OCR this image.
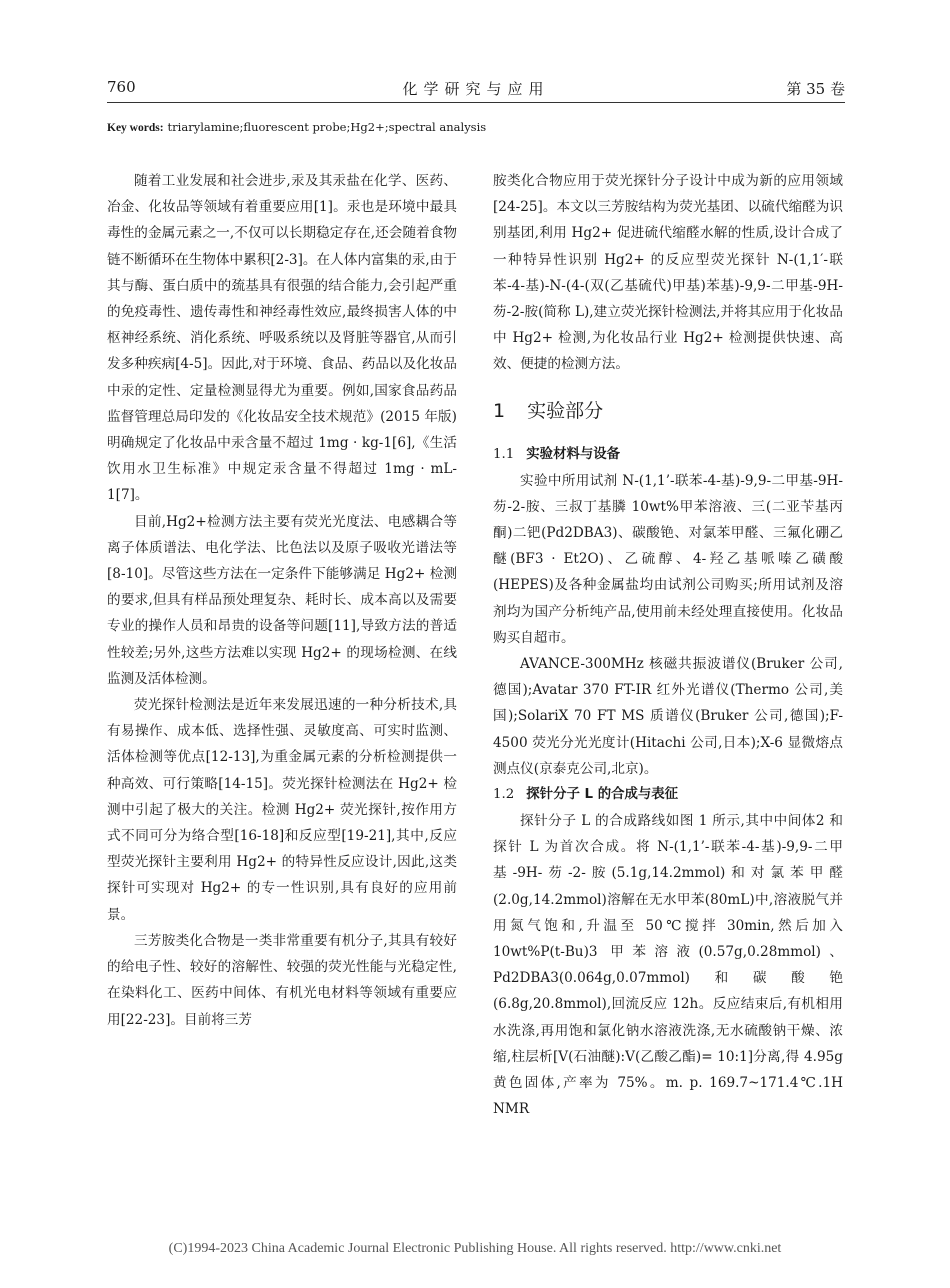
760	化学研究与应用	第 35 卷
Key words: triarylamine;fluorescent probe;Hg2+;spectral analysis

随着工业发展和社会进步,汞及其汞盐在化学、医药、冶金、化妆品等领域有着重要应用[1]。汞也是环境中最具毒性的金属元素之一,不仅可以长期稳定存在,还会随着食物链不断循环在生物体中累积[2-3]。在人体内富集的汞,由于其与酶、蛋白质中的巯基具有很强的结合能力,会引起严重的免疫毒性、遗传毒性和神经毒性效应,最终损害人体的中枢神经系统、消化系统、呼吸系统以及肾脏等器官,从而引发多种疾病[4-5]。因此,对于环境、食品、药品以及化妆品中汞的定性、定量检测显得尤为重要。例如,国家食品药品监督管理总局印发的《化妆品安全技术规范》(2015 年版)明确规定了化妆品中汞含量不超过 1mg · kg-1[6],《生活饮用水卫生标准》中规定汞含量不得超过 1mg · mL-1[7]。

目前,Hg2+检测方法主要有荧光光度法、电感耦合等离子体质谱法、电化学法、比色法以及原子吸收光谱法等[8-10]。尽管这些方法在一定条件下能够满足 Hg2+ 检测的要求,但具有样品预处理复杂、耗时长、成本高以及需要专业的操作人员和昂贵的设备等问题[11],导致方法的普适性较差;另外,这些方法难以实现 Hg2+ 的现场检测、在线监测及活体检测。

荧光探针检测法是近年来发展迅速的一种分析技术,具有易操作、成本低、选择性强、灵敏度高、可实时监测、活体检测等优点[12-13],为重金属元素的分析检测提供一种高效、可行策略[14-15]。荧光探针检测法在 Hg2+ 检测中引起了极大的关注。检测 Hg2+ 荧光探针,按作用方式不同可分为络合型[16-18]和反应型[19-21],其中,反应型荧光探针主要利用 Hg2+ 的特异性反应设计,因此,这类探针可实现对 Hg2+ 的专一性识别,具有良好的应用前景。

三芳胺类化合物是一类非常重要有机分子,其具有较好的给电子性、较好的溶解性、较强的荧光性能与光稳定性,在染料化工、医药中间体、有机光电材料等领域有重要应用[22-23]。目前将三芳

胺类化合物应用于荧光探针分子设计中成为新的应用领域[24-25]。本文以三芳胺结构为荧光基团、以硫代缩醛为识别基团,利用 Hg2+ 促进硫代缩醛水解的性质,设计合成了一种特异性识别 Hg2+ 的反应型荧光探针 N-(1,1′-联苯-4-基)-N-(4-(双(乙基硫代)甲基)苯基)-9,9-二甲基-9H-芴-2-胺(简称 L),建立荧光探针检测法,并将其应用于化妆品中 Hg2+ 检测,为化妆品行业 Hg2+ 检测提供快速、高效、便捷的检测方法。

1 实验部分
1.1 实验材料与设备

实验中所用试剂 N-(1,1’-联苯-4-基)-9,9-二甲基-9H-芴-2-胺、三叔丁基膦 10wt%甲苯溶液、三(二亚苄基丙酮)二钯(Pd2DBA3)、碳酸铯、对氯苯甲醛、三氟化硼乙醚(BF3 · Et2O)、乙硫醇、4-羟乙基哌嗪乙磺酸(HEPES)及各种金属盐均由试剂公司购买;所用试剂及溶剂均为国产分析纯产品,使用前未经处理直接使用。化妆品购买自超市。

AVANCE-300MHz 核磁共振波谱仪(Bruker 公司,德国);Avatar 370 FT-IR 红外光谱仪(Thermo 公司,美国);SolariX 70 FT MS 质谱仪(Bruker 公司,德国);F-4500 荧光分光光度计(Hitachi 公司,日本);X-6 显微熔点测点仪(京泰克公司,北京)。

1.2 探针分子 L 的合成与表征

探针分子 L 的合成路线如图 1 所示,其中中间体2 和探针 L 为首次合成。将 N-(1,1’-联苯-4-基)-9,9-二甲基-9H-芴-2-胺(5.1g,14.2mmol)和对氯苯甲醛(2.0g,14.2mmol)溶解在无水甲苯(80mL)中,溶液脱气并用氮气饱和,升温至 50℃搅拌 30min,然后加入 10wt%P(t-Bu)3 甲苯溶液(0.57g,0.28mmol)、Pd2DBA3(0.064g,0.07mmol)和碳酸铯(6.8g,20.8mmol),回流反应 12h。反应结束后,有机相用水洗涤,再用饱和氯化钠水溶液洗涤,无水硫酸钠干燥、浓缩,柱层析[V(石油醚):V(乙酸乙酯)= 10:1]分离,得 4.95g 黄色固体,产率为 75%。m. p. 169.7~171.4℃.1H NMR

(C)1994-2023 China Academic Journal Electronic Publishing House. All rights reserved. http://www.cnki.net
